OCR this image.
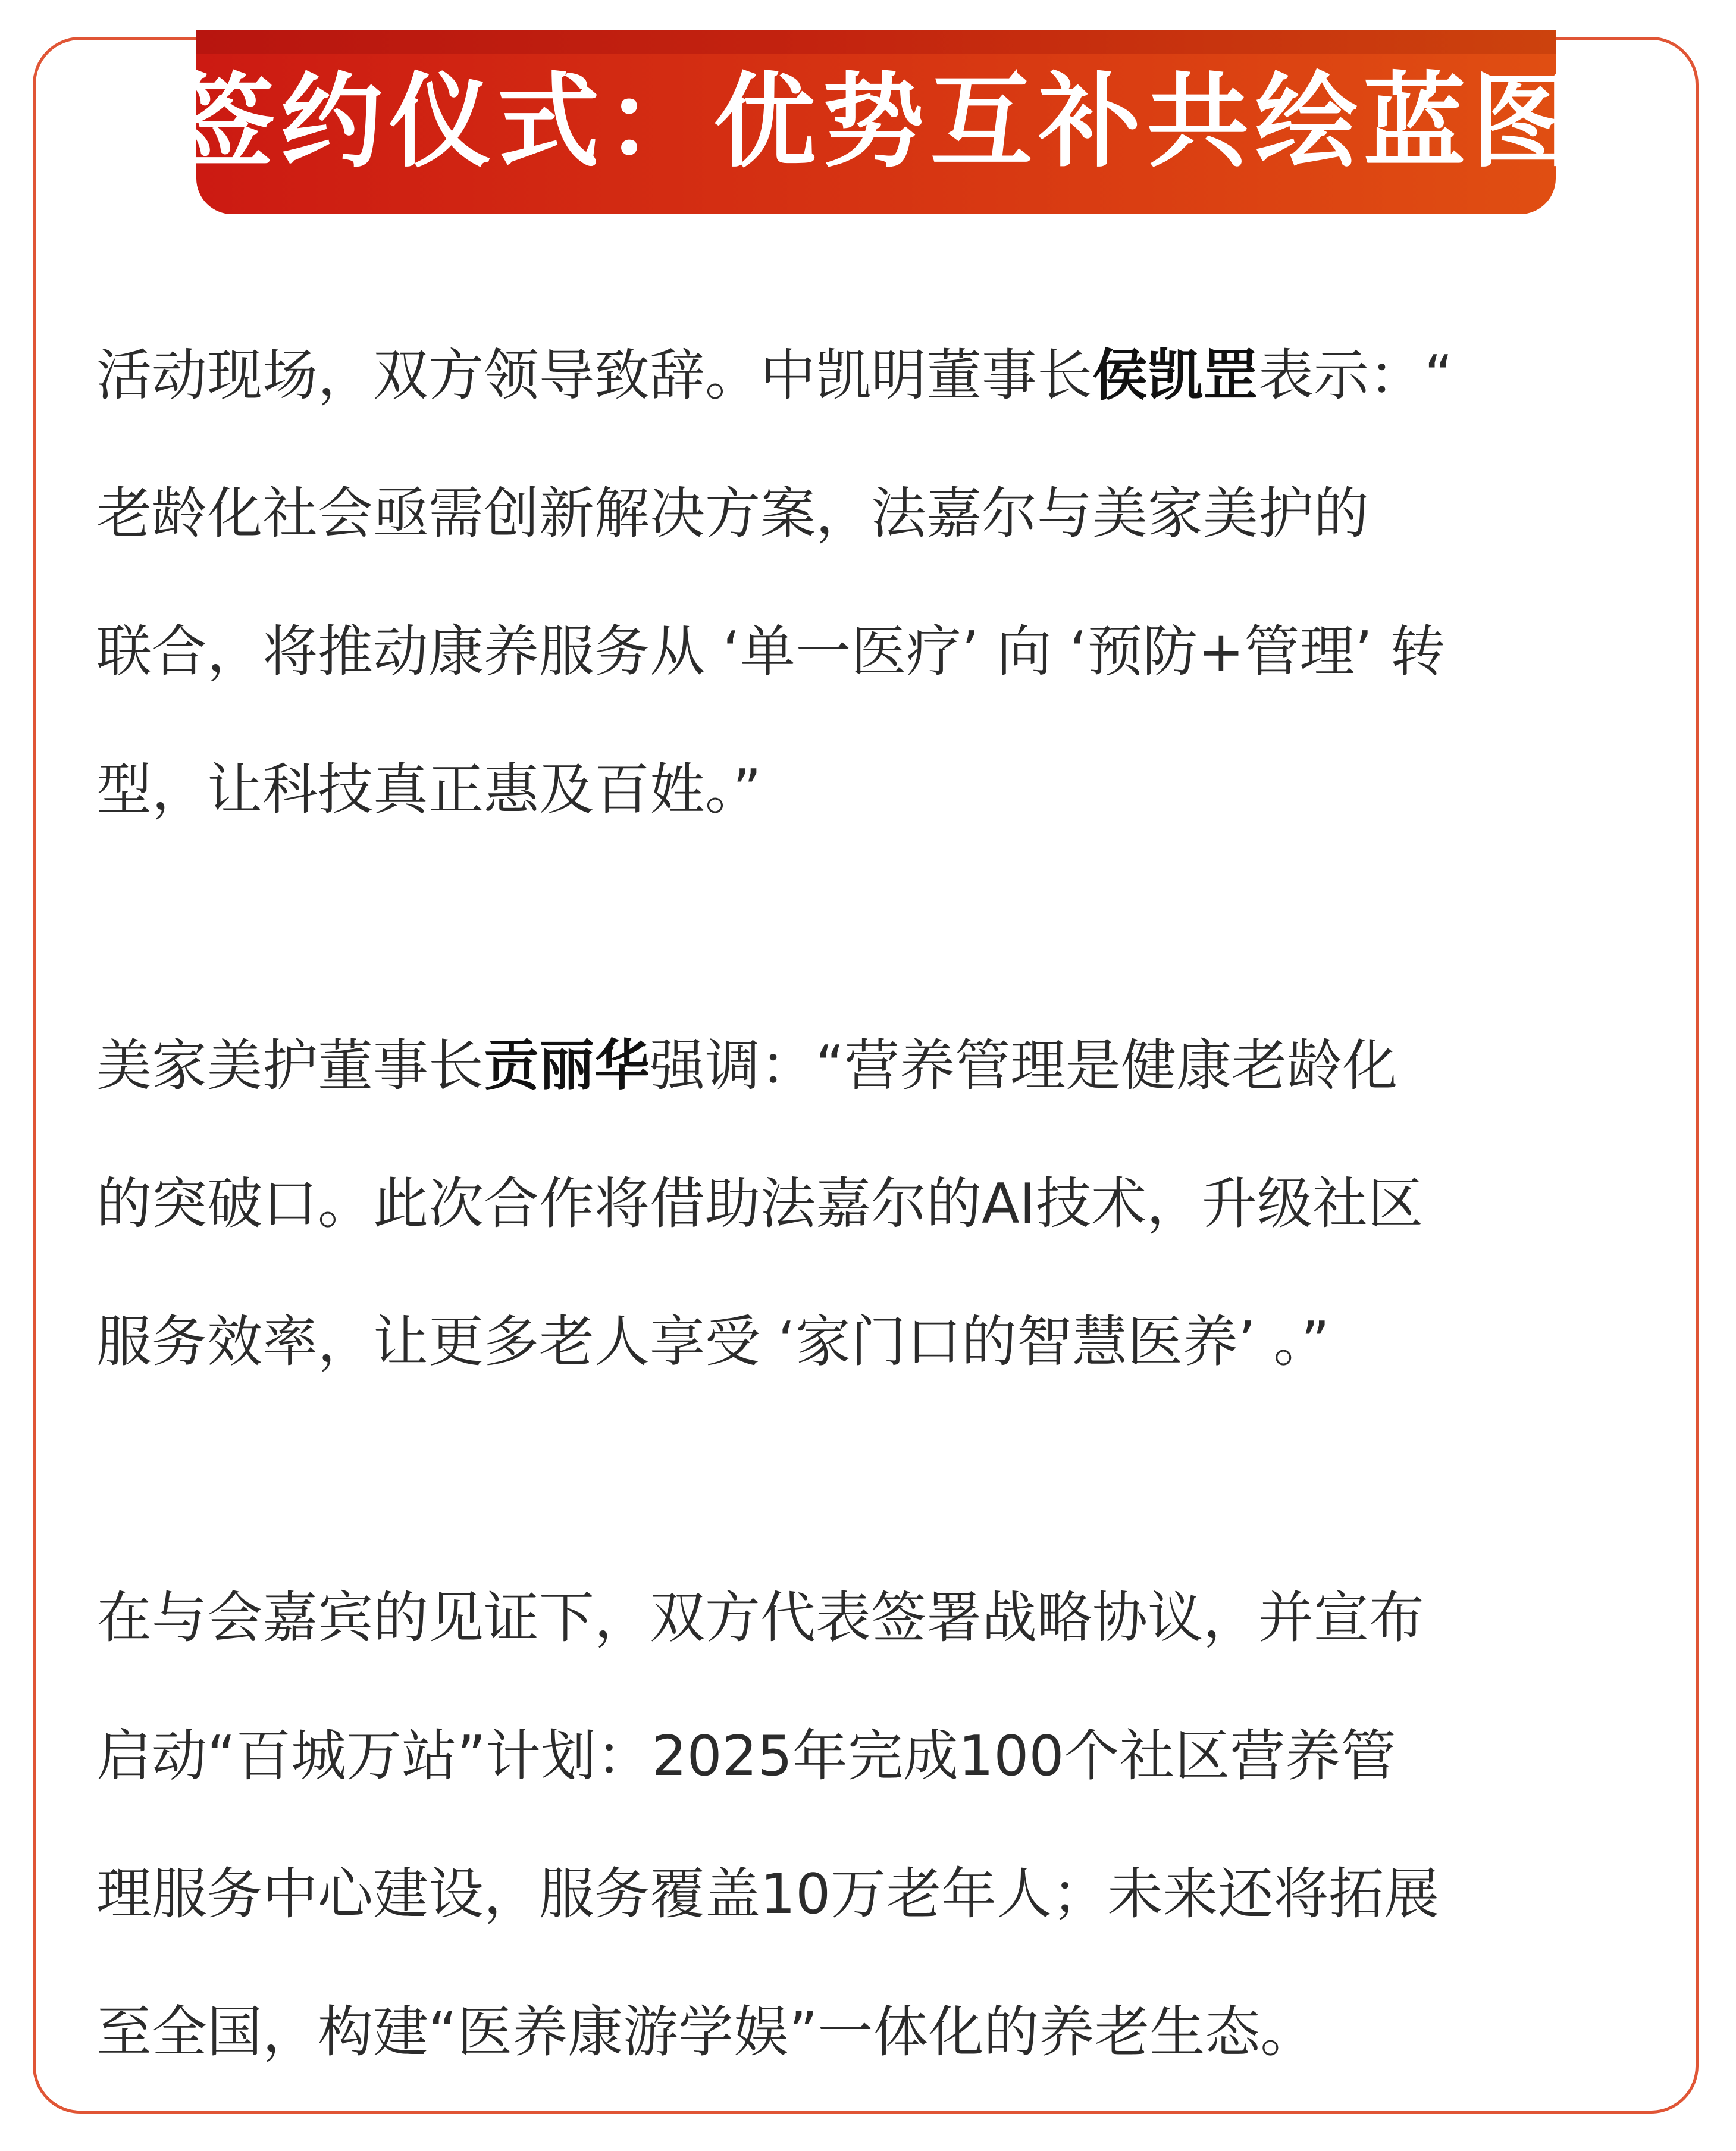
签约仪式：优势互补共绘蓝图

活动现场，双方领导致辞。中凯明董事长侯凯罡表示：“
老龄化社会亟需创新解决方案，法嘉尔与美家美护的
联合，将推动康养服务从 ‘单一医疗’ 向 ‘预防+管理’ 转
型，让科技真正惠及百姓。”

美家美护董事长贡丽华强调：“营养管理是健康老龄化
的突破口。此次合作将借助法嘉尔的AI技术，升级社区
服务效率，让更多老人享受 ‘家门口的智慧医养’ 。”

在与会嘉宾的见证下，双方代表签署战略协议，并宣布
启动“百城万站”计划：2025年完成100个社区营养管
理服务中心建设，服务覆盖10万老年人；未来还将拓展
至全国，构建“医养康游学娱”一体化的养老生态。
